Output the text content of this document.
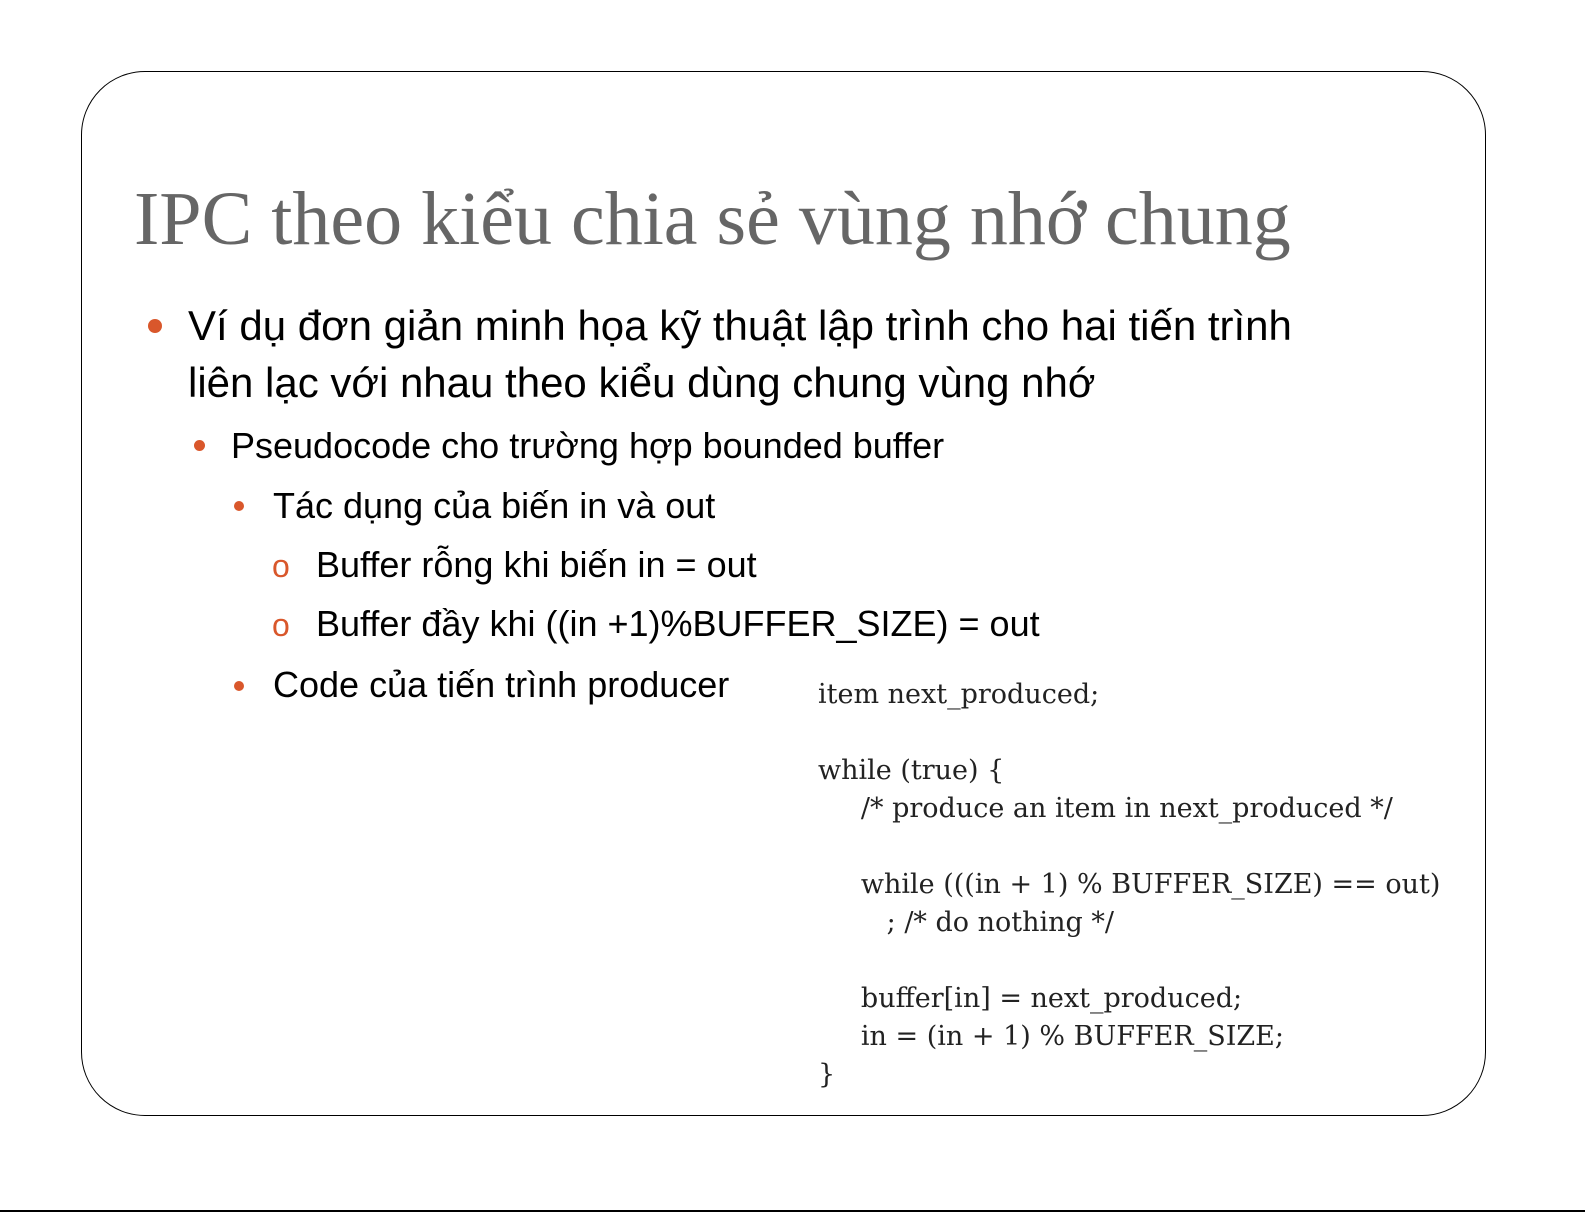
IPC theo kiểu chia sẻ vùng nhớ chung
Ví dụ đơn giản minh họa kỹ thuật lập trình cho hai tiến trình
liên lạc với nhau theo kiểu dùng chung vùng nhớ
Pseudocode cho trường hợp bounded buffer
Tác dụng của biến in và out
o Buffer rỗng khi biến in = out
o Buffer đầy khi ((in +1)%BUFFER_SIZE) = out
Code của tiến trình producer	item next_produced;

while (true) {
/* produce an item in next_produced */

while (((in + 1) % BUFFER_SIZE) == out)
; /* do nothing */

buffer[in] = next_produced;
in = (in + 1) % BUFFER_SIZE;
}
